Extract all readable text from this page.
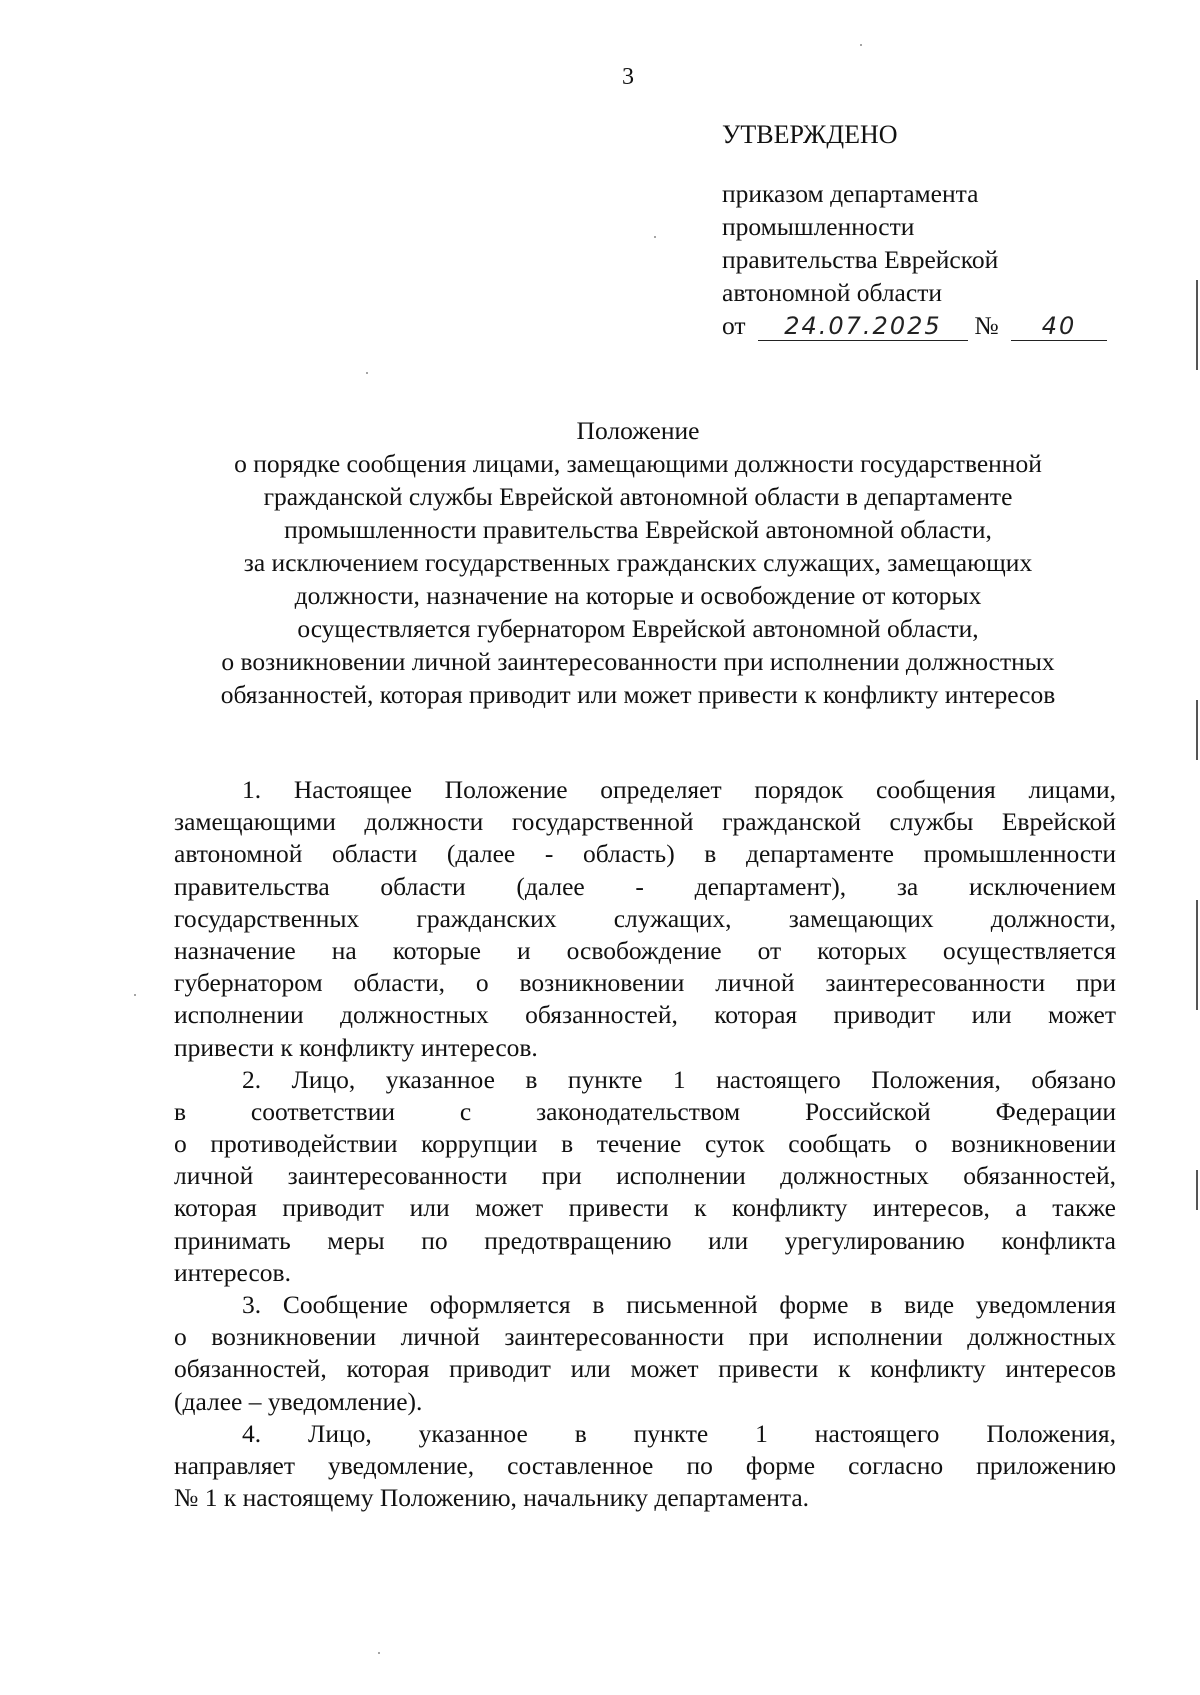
3
УТВЕРЖДЕНО
приказом департамента
промышленности
правительства Еврейской
автономной области
от 24.07.2025 № 40
Положение
о порядке сообщения лицами, замещающими должности государственной
гражданской службы Еврейской автономной области в департаменте
промышленности правительства Еврейской автономной области,
за исключением государственных гражданских служащих, замещающих
должности, назначение на которые и освобождение от которых
осуществляется губернатором Еврейской автономной области,
о возникновении личной заинтересованности при исполнении должностных
обязанностей, которая приводит или может привести к конфликту интересов
1. Настоящее Положение определяет порядок сообщения лицами,
замещающими должности государственной гражданской службы Еврейской
автономной области (далее - область) в департаменте промышленности
правительства области (далее - департамент), за исключением
государственных гражданских служащих, замещающих должности,
назначение на которые и освобождение от которых осуществляется
губернатором области, о возникновении личной заинтересованности при
исполнении должностных обязанностей, которая приводит или может
привести к конфликту интересов.
2. Лицо, указанное в пункте 1 настоящего Положения, обязано
в соответствии с законодательством Российской Федерации
о противодействии коррупции в течение суток сообщать о возникновении
личной заинтересованности при исполнении должностных обязанностей,
которая приводит или может привести к конфликту интересов, а также
принимать меры по предотвращению или урегулированию конфликта
интересов.
3. Сообщение оформляется в письменной форме в виде уведомления
о возникновении личной заинтересованности при исполнении должностных
обязанностей, которая приводит или может привести к конфликту интересов
(далее – уведомление).
4. Лицо, указанное в пункте 1 настоящего Положения,
направляет уведомление, составленное по форме согласно приложению
№ 1 к настоящему Положению, начальнику департамента.
